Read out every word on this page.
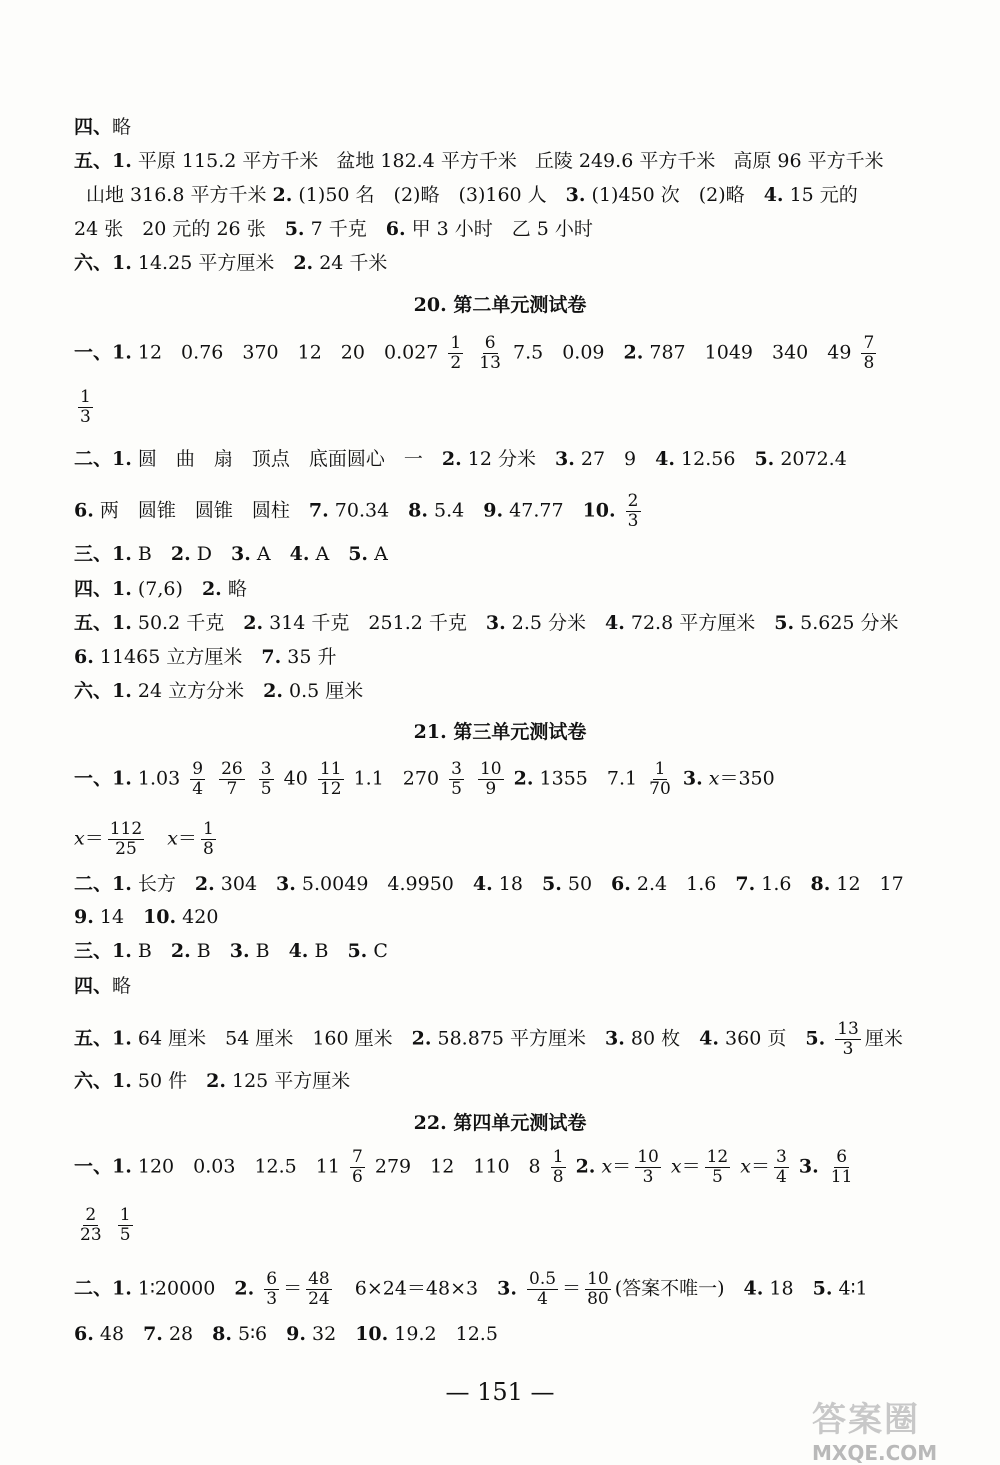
四、略
五、1. 平原 115.2 平方千米 盆地 182.4 平方千米 丘陵 249.6 平方千米 高原 96 平方千米
山地 316.8 平方千米 2. (1)50 名　(2)略　(3)160 人　3. (1)450 次　(2)略　4. 15 元的
24 张　20 元的 26 张　5. 7 千克　6. 甲 3 小时　乙 5 小时
六、1. 14.25 平方厘米　2. 24 千米
20. 第二单元测试卷
一、1. 12　0.76　370　12　20　$0.027 \frac{1}{2}$
$\frac{6}{13} 7.5$　0.09　2. 787　1049　340　$49 \frac{7}{8}$
$\frac{1}{3}$
二、1. 圆　曲　扇　顶点　底面圆心　一　2. 12 分米　3. 27　9　4. 12.56　5. 2072.4
6. 两　圆锥　圆锥　圆柱　7. 70.34　8. 5.4　9. 47.77　10. $\frac{2}{3}$
三、1. B　2. D　3. A　4. A　5. A
四、1. (7,6)　2. 略
五、1. 50.2 千克　2. 314 千克　251.2 千克　3. 2.5 分米　4. 72.8 平方厘米　5. 5.625 分米
6. 11465 立方厘米　7. 35 升
六、1. 24 立方分米　2. 0.5 厘米
21. 第三单元测试卷
一、1. $1.03 \frac{9}{4}$
$\frac{26}{7}$
$\frac{3}{5} 40 \frac{11}{12} 1.1$　$270 \frac{3}{5}$
$\frac{10}{9} 2$. 1355　$7.1 \frac{1}{70} 3$. x＝350
$x= \frac{112}{25}$
　 $x= \frac{1}{8}$
二、1. 长方　2. 304　3. 5.0049　4.9950　4. 18　5. 50　6. 2.4　1.6　7. 1.6　8. 12　17
9. 14　10. 420
三、1. B　2. B　3. B　4. B　5. C
四、略
五、1. 64 厘米　54 厘米　160 厘米　2. 58.875 平方厘米　3. 80 枚　4. 360 页　5. $\frac{13}{3}$ 厘米
六、1. 50 件　2. 125 平方厘米
22. 第四单元测试卷
一、1. 120　0.03　12.5　$11 \frac{7}{6} 279$　12　110　$8 \frac{1}{8} 2$. $x= \frac{10}{3} x= \frac{12}{5} x= \frac{3}{4} 3$. $\frac{6}{11}$
$\frac{2}{23}$
$\frac{1}{5}$
二、1. 1∶20000　2. $\frac{6}{3} = \frac{48}{24}$ 　6×24＝48×3　3. $\frac{0.5}{4} = \frac{10}{80}$ (答案不唯一)　4. 18　5. 4∶1
6. 48　7. 28　8. 5∶6　9. 32　10. 19.2　12.5
— 151 —
答案圈
MXQE.COM
